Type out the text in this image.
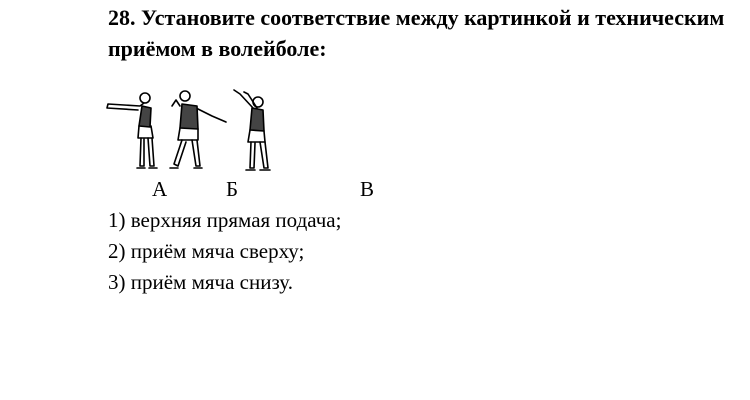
28. Установите соответствие между картинкой и техническим приёмом в волейболе:
А	Б	В
1) верхняя прямая подача;
2) приём мяча сверху;
3) приём мяча снизу.
